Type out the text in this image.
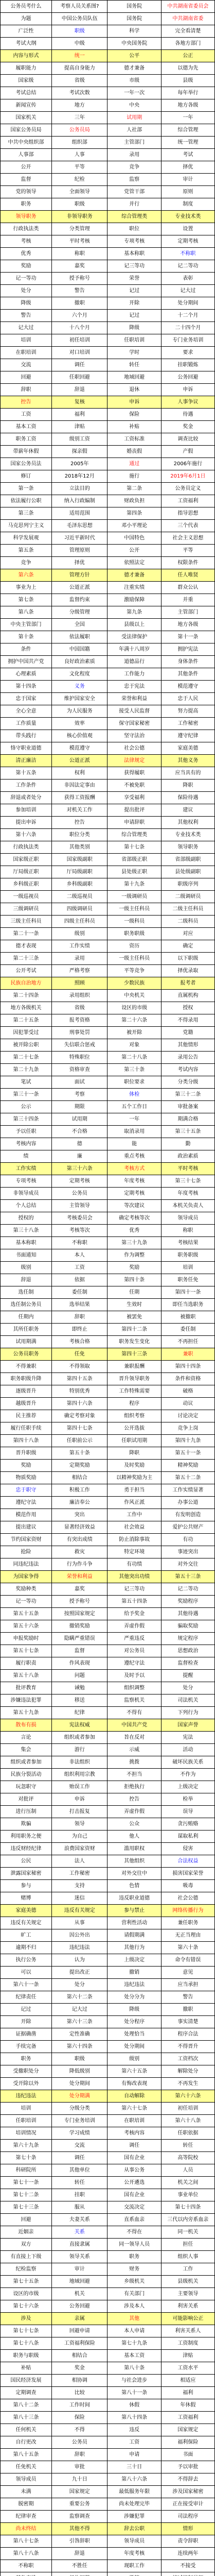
公务员考什么	考察人员关系图?	国务院	中共湖南省委员会
为题	中国公务员队伍	国务院	中共湖南省委
广泛性	职级	科学	完全看清楚
考试大纲	中级	中央国务院	各地方部门
内容与形式	统一	公平	公正
履职能力	提高自身能力	德才兼备	以德为先
国家级	省级	市级	县级
考试总结	考试次数	一年一次	每年举行
新闻宣传	地方	中央	地方各级
国家机关	三年	试用期	一年
国家公务员局	公务员局	人社部	综合管理
中共中央组织部	组织部	主管部门	统一管理
人事部	人事	录用	考试
公开	平等	竞争	择优
监督	纪检	监察	审计
党的领导	全面领导	党管干部	原则
职务	职级	并行	制度
领导职务	非领导职务	综合管理类	专业技术类
行政执法类	分类管理	职位	设置
考核	平时考核	专项考核	定期考核
优秀	称职	基本称职	不称职
奖励	嘉奖	记三等功	记二等功
记一等功	授予称号	荣誉	表彰
处分	警告	记过	记大过
降级	撤职	开除	处分期间
警告	六个月	记过	十二个月
记大过	十八个月	降级	二十四个月
培训	初任培训	任职培训	专门业务培训
在职培训	对口培训	学时	要求
交流	调任	转任	挂职锻炼
回避	任职回避	地域回避	公务回避
辞职	辞退	退休	申诉
控告	复核	申诉	人事争议
工资	福利	保险	待遇
基本工资	津贴	补贴	奖金
职务工资	级别工资	工资标准	调查比较
带薪年休假	探亲假	婚丧假	产假
国家公务员法	2005年	通过	2006年施行
修订	2018年12月	施行	2019年6月1日
第一条	立法目的	第二条	公务员定义
依法履行公职	纳入行政编制	财政负担	工资福利
第三条	适用范围	第四条	指导思想
马克思列宁主义	毛泽东思想	邓小平理论	三个代表
科学发展观	习近平新时代	中国特色	社会主义思想
第五条	管理原则	公开	平等
竞争	择优	依照法定	权限条件
第六条	管理方针	德才兼备	任人唯贤
事业为上	公道正派	注重实绩	群众公认
第七条	监督约束	激励保障	并重
第八条	分级管理	第九条	主管部门
中央主管部门	全国	县级以上	地方各级
第十条	依法履职	受法律保护	第十一条
条件	中国国籍	年满十八周岁	拥护宪法
拥护中国共产党	良好政治素质	道德品行	身体条件
心理素质	文化程度	工作能力	其他条件
第十四条	义务	忠于宪法	模范遵守
忠于国家	维护国家安全	荣誉和利益	忠于人民
全心全意	为人民服务	接受人民监督	努力提高
工作质量	效率	保守国家秘密	工作秘密
带头践行	核心价值观	坚守法治	遵守纪律
恪守职业道德	模范遵守	社会公德	家庭美德
清正廉洁	公道正派	法律规定	其他义务
第十五条	权利	获得履职	应当具有的
工作条件	非因法定事由	不被免职	降职
辞退或者处分	获得工资报酬	享受福利	保险待遇
参加培训	对机关工作	提出批评	建议
提出申诉	控告	申请辞职	其他权利
第十六条	职位分类	综合管理类	专业技术类
行政执法类	其他类别	第十七条	领导职务
国家级正职	国家级副职	省部级正职	省部级副职
厅局级正职	厅局级副职	县处级正职	县处级副职
乡科级正职	乡科级副职	第十九条	职级序列
一级巡视员	二级巡视员	一级调研员	二级调研员
三级调研员	四级调研员	一级主任科员	二级主任科员
三级主任科员	四级主任科员	一级科员	二级科员
第二十一条	级别	职务职级	对应
德才表现	工作实绩	资历	确定
第二十三条	录用	一级主任科员	以下职级
公开考试	严格考察	平等竞争	择优录取
民族自治地方	照顾	少数民族	报考者
第二十四条	录用组织	中央机关	直属机构
地方各级机关	省级	设区的市级	授权
第二十五条	报考资格	第二十六条	不得录用
因犯罪受过	刑事处罚	被开除	党籍
被开除公职	失信联合惩戒	对象	其他情形
第二十七条	特殊职位	第二十八条	录用公告
第二十九条	资格审查	第三十条	考试内容
笔试	面试	职位要求	分类分级
第三十一条	考察	体检	第三十二条
公示	期限	五个工作日	审批备案
第三十四条	试用期	一年	期满合格
予以任职	不合格	取消录用	第三十五条
考核内容	德	能	勤
绩	廉	重点考核	政治素质
工作实绩	第三十六条	考核方式	平时考核
专项考核	定期考核	年度考核	第三十七条
非领导成员	公务员	定期考核	年度考核
个人总结	主管领导	等次建议	本机关负责人
授权的	考核委员会	确定考核等次	领导成员
第三十八条	考核等次	优秀	称职
基本称职	不称职	第三十九条	考核结果
书面通知	本人	作为调整	职务职级
级别	工资	奖励	培训
辞退	依据	第四十条	职务任免
选任制	委任制	任期	第四十一条
选任制公务员	选举结果	生效时	即任当选职务
任期内	辞职	被罢免	被撤职
其所任职务	即终止	第四十二条	委任制
试用期满	考核合格	职务发生变化	不再担任
公务员职务	任免	第四十三条	兼职
不得兼职	不得领取	兼职报酬	第四十四条
职务职级升降	第四十五条	晋升领导职务	条件和资格
逐级晋升	特别优秀	工作特殊需要	破格
越级晋升	第四十六条	程序	动议
民主推荐	确定考察对象	组织考察	讨论决定
履行任职手续	第四十七条	公开选拔	竞争上岗
第四十八条	任职前公示	任职试用期	第四十九条
晋升职级	第五十条	降职	第五十一条
奖励	定期奖励	及时奖励	精神奖励
物质奖励	相结合	以精神奖励为主	第五十二条
忠于职守	积极工作	勇于担当	工作实绩显著
遵纪守法	廉洁奉公	作风正派	办事公道
模范作用	突出	工作中	有发明创造
提出建议	显著经济效益	社会效益	爱护公共财产
节约国家资财	有突出成绩	防止消除事故	有功
抢险	救灾	特定环境	事迹突出
同违纪违法	行为作斗争	有功绩	对外交往
为国家争得	荣誉和利益	其他突出功绩	第五十三条
奖励种类	嘉奖	记三等功	记二等功
记一等功	授予称号	第五十四条	奖励程序
第五十五条	按照国家规定	给予奖金	其他待遇
第五十六条	撤销奖励	弄虚作假	骗取奖励
申报奖励时	隐瞒严重错误	严重违反	规定程序
第五十七条	监督	对公务员	思想政治
履行职责	作风表现	遵纪守法	监督检查
第五十八条	问题	及时予以	提醒
批评教育	诫勉	组织调整	处分
涉嫌违法犯罪	移送	监察机关	司法机关
第五十九条	纪律	不得有	下列行为
散布有损	宪法权威	中国共产党	国家声誉
言论	组织或者参加	旨在反对	宪法
集会	游行	示威	活动
组织或者参加	非法组织	挑拨	破坏民族关系
民族分裂活动	组织利用宗教	不担当	不作为
玩忽职守	贻误工作	拒绝执行	上级决定
对批评	申诉	控告	检举
进行压制	打击报复	弄虚作假	误导
欺骗	领导	公众	贪污贿赂
利用职务之便	为自己	他人	谋取私利
违反财经纪律	浪费国家资财	滥用职权	侵害
公民	法人	其他组织	合法权益
泄露国家秘密	工作秘密	对外交往中	损害国家荣誉
参与	支持	色情	吸毒
赌博	迷信	违反职业道德	社会公德
家庭美德	违反有关规定	参与禁止	网络传播行为
违反有关规定	从事	营利性活动	兼任职务
旷工	因公外出	请假期满	无正当理由
逾期不归	违纪违法	其他行为	第六十条
执行公务	认为	上级决定	命令有错误
可以	提出改正	撤销	意见
第六十一条	处分	违纪违法	应当承担
纪律责任	第六十二条	处分分为	警告
记过	记大过	降级	撤职
开除	第六十三条	处分程序	事实清楚
证据确凿	定性准确	处理恰当	程序合法
手续完备	第六十四条	处分期间	不得晋升
职务	职级	级别	工资档次
受撤职处分	降低级别	第六十五条	解除处分
受开除以外	处分期间	有悔改表现	不再发生
违纪违法	处分期满	自动解除	第六十六条
培训	分级分类	第六十七条	初任培训
任职培训	专门业务培训	在职培训	第六十八条
培训情况	学习成绩	考核内容	任职依据
第六十九条	交流	调任	转任
第七十条	调任	国有企业	高等院校
科研院所	其他单位	从事公务	人员
第七十一条	转任	公开遴选	机关之间
第七十二条	挂职	国有企业	事业单位
第七十三条	服从	交流决定	第七十四条
回避	夫妻关系	直系血亲	三代以内旁系血亲
近姻亲	关系	不得在	同一机关
双方	直接隶属	同一领导人员	担任
有直接上下级	领导关系	职务	组织人事
纪检监察	审计	财务	工作
第七十五条	地域回避	乡级机关	县级机关
设区的市级	机关	有关部门	主要领导
第七十六条	公务回避	涉及本人	利害关系
涉及	亲属	其他	可能影响公正
第七十七条	回避申请	本人申请	利害关系人
第七十八条	工资福利保险	第七十九条	工资制度
职务与职级	相结合	基本工资	津贴
补贴	奖金	第八十条	工资水平
国民经济发展	相协调	与社会进步	相适应
定期调查	比较	第八十一条	福利
第八十二条	工作时间	休假	年休假
第八十三条	保险	第八十四条	工资福利
任何机关	不得	违反	国家规定
自行更改	公务员	工资	福利保险
第八十五条	辞职	申请	书面
任免机关	审批	三十日	予以审批
领导成员	九十日	第八十六条	不得辞去
未满	国家规定	最低服务年限	涉及国家秘密
脱密期	重要公务	尚未处理完毕	正在接受审计
纪律审查	监察调查	涉嫌犯罪	司法程序
尚未终结	其他不得	辞去公职	情形
第八十七条	引咎辞职	领导成员	责令辞职
第八十八条	辞退	年度考核	连续两年
不称职	不胜任	现职工作	不接受
